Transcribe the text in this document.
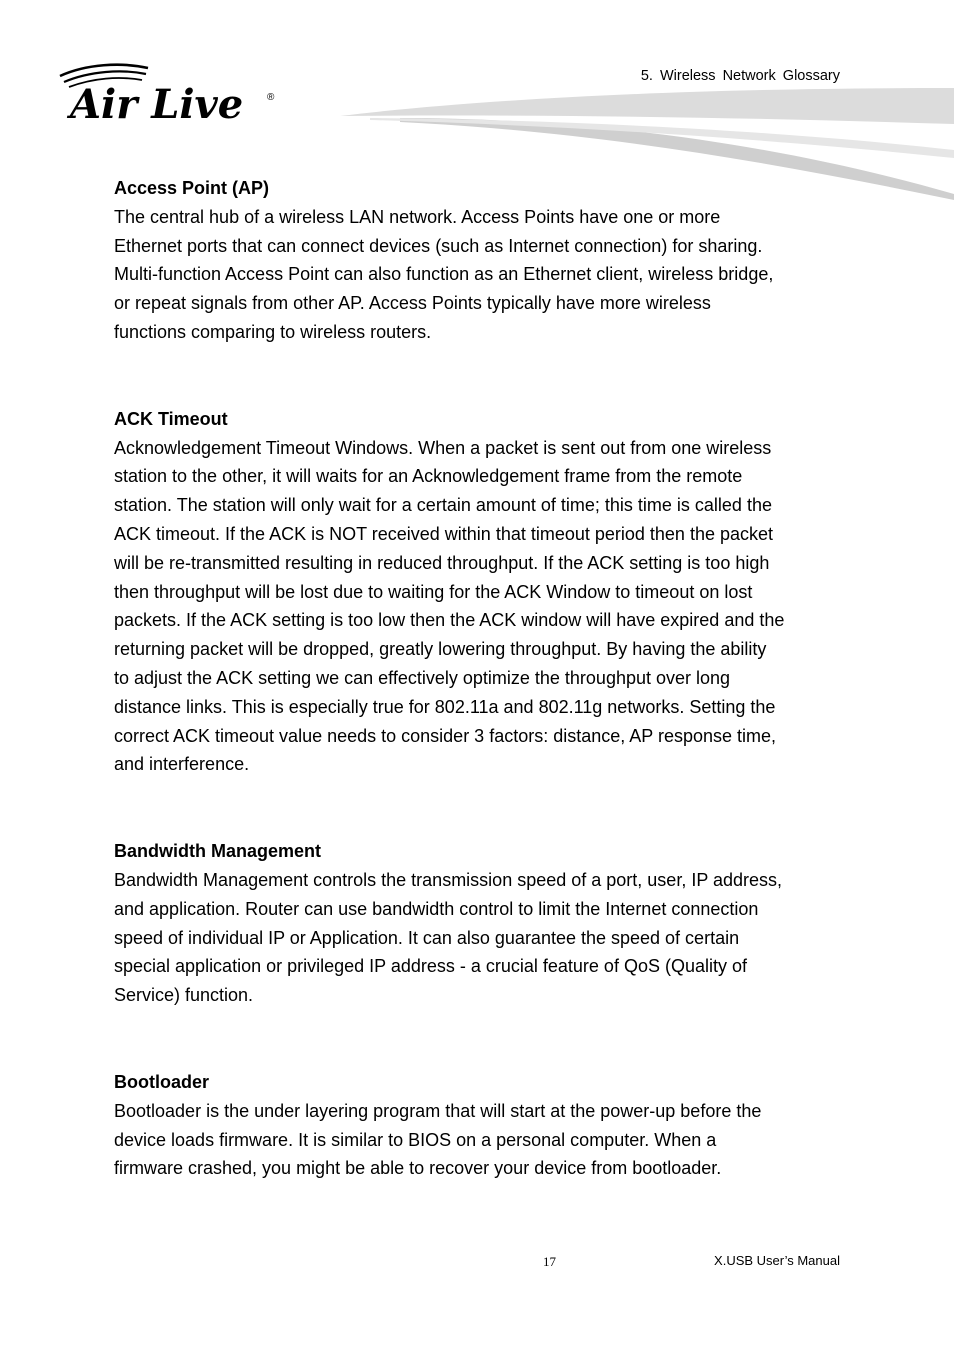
Air Live ®
5. Wireless Network Glossary
Access Point (AP)
The central hub of a wireless LAN network. Access Points have one or more
Ethernet ports that can connect devices (such as Internet connection) for sharing.
Multi-function Access Point can also function as an Ethernet client, wireless bridge,
or repeat signals from other AP. Access Points typically have more wireless
functions comparing to wireless routers.
ACK Timeout
Acknowledgement Timeout Windows. When a packet is sent out from one wireless
station to the other, it will waits for an Acknowledgement frame from the remote
station. The station will only wait for a certain amount of time; this time is called the
ACK timeout. If the ACK is NOT received within that timeout period then the packet
will be re-transmitted resulting in reduced throughput. If the ACK setting is too high
then throughput will be lost due to waiting for the ACK Window to timeout on lost
packets. If the ACK setting is too low then the ACK window will have expired and the
returning packet will be dropped, greatly lowering throughput. By having the ability
to adjust the ACK setting we can effectively optimize the throughput over long
distance links. This is especially true for 802.11a and 802.11g networks. Setting the
correct ACK timeout value needs to consider 3 factors: distance, AP response time,
and interference.
Bandwidth Management
Bandwidth Management controls the transmission speed of a port, user, IP address,
and application. Router can use bandwidth control to limit the Internet connection
speed of individual IP or Application. It can also guarantee the speed of certain
special application or privileged IP address - a crucial feature of QoS (Quality of
Service) function.
Bootloader
Bootloader is the under layering program that will start at the power-up before the
device loads firmware. It is similar to BIOS on a personal computer. When a
firmware crashed, you might be able to recover your device from bootloader.
17	X.USB User’s Manual
